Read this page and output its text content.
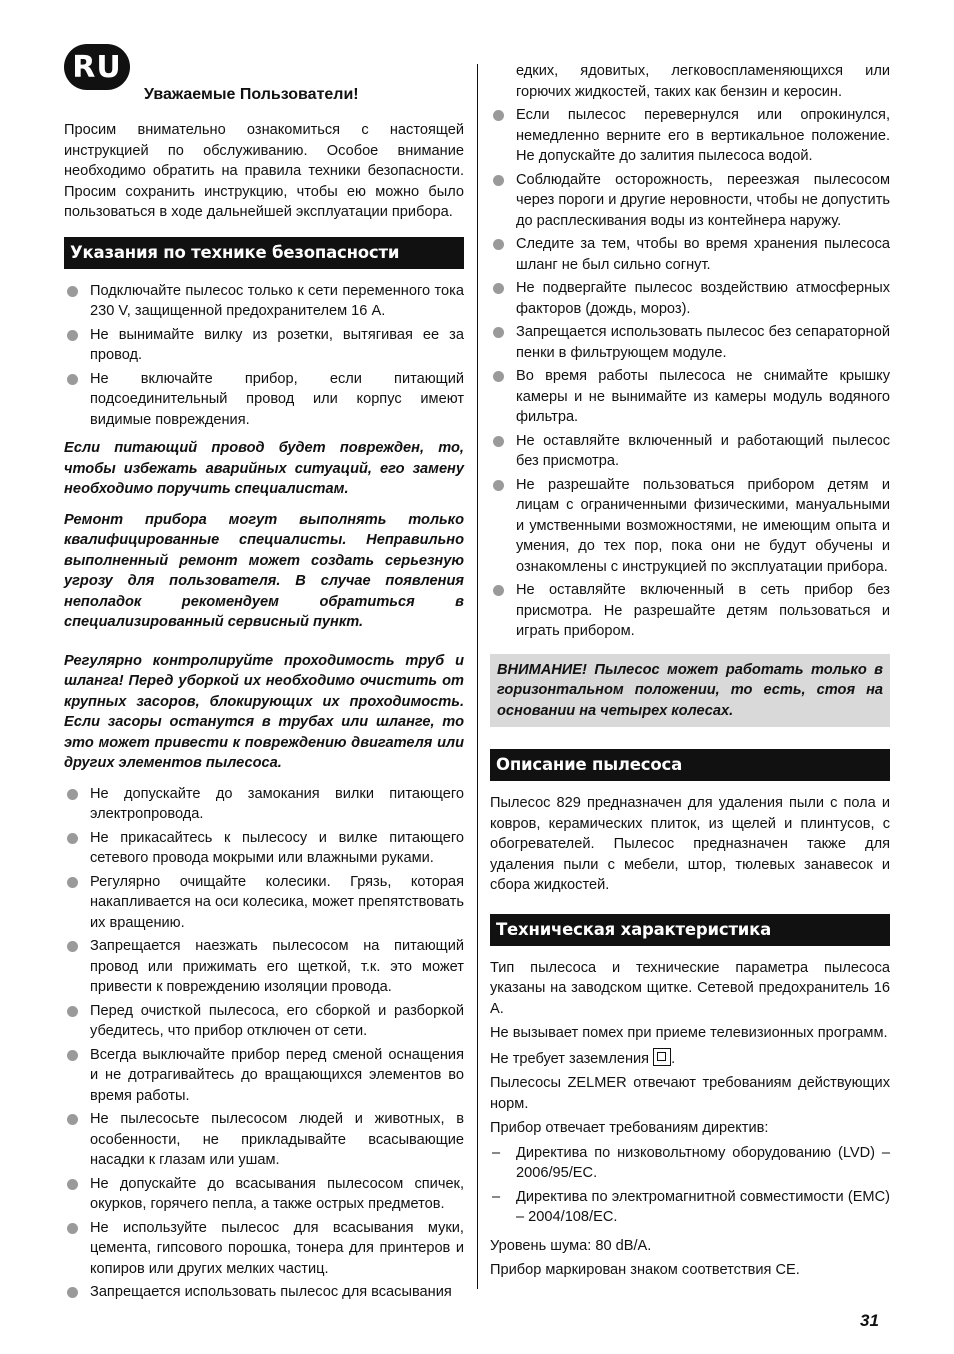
RU
Уважаемые Пользователи!

Просим внимательно ознакомиться с настоящей инструкцией по обслуживанию. Особое внимание необходимо обратить на правила техники безопасности. Просим сохранить инструкцию, чтобы ею можно было пользоваться в ходе дальнейшей эксплуатации прибора.

Указания по технике безопасности
Подключайте пылесос только к сети переменного тока 230 V, защищенной предохранителем 16 A.
Не вынимайте вилку из розетки, вытягивая ее за провод.
Не включайте прибор, если питающий подсоединительный провод или корпус имеют видимые повреждения.

Если питающий провод будет поврежден, то, чтобы избежать аварийных ситуаций, его замену необходимо поручить специалистам.

Ремонт прибора могут выполнять только квалифицированные специалисты. Неправильно выполненный ремонт может создать серьезную угрозу для пользователя. В случае появления неполадок рекомендуем обратиться в специализированный сервисный пункт.

Регулярно контролируйте проходимость труб и шланга! Перед уборкой их необходимо очистить от крупных засоров, блокирующих их проходимость. Если засоры останутся в трубах или шланге, то это может привести к повреждению двигателя или других элементов пылесоса.

Не допускайте до замокания вилки питающего электропровода.
Не прикасайтесь к пылесосу и вилке питающего сетевого провода мокрыми или влажными руками.
Регулярно очищайте колесики. Грязь, которая накапливается на оси колесика, может препятствовать их вращению.
Запрещается наезжать пылесосом на питающий провод или прижимать его щеткой, т.к. это может привести к повреждению изоляции провода.
Перед очисткой пылесоса, его сборкой и разборкой убедитесь, что прибор отключен от сети.
Всегда выключайте прибор перед сменой оснащения и не дотрагивайтесь до вращающихся элементов во время работы.
Не пылесосьте пылесосом людей и животных, в особенности, не прикладывайте всасывающие насадки к глазам или ушам.
Не допускайте до всасывания пылесосом спичек, окурков, горячего пепла, а также острых предметов.
Не используйте пылесос для всасывания муки, цемента, гипсового порошка, тонера для принтеров и копиров или других мелких частиц.
Запрещается использовать пылесос для всасывания

едких, ядовитых, легковоспламеняющихся или горючих жидкостей, таких как бензин и керосин.

Если пылесос перевернулся или опрокинулся, немедленно верните его в вертикальное положение. Не допускайте до залития пылесоса водой.
Соблюдайте осторожность, переезжая пылесосом через пороги и другие неровности, чтобы не допустить до расплескивания воды из контейнера наружу.
Следите за тем, чтобы во время хранения пылесоса шланг не был сильно согнут.
Не подвергайте пылесос воздействию атмосферных факторов (дождь, мороз).
Запрещается использовать пылесос без сепараторной пенки в фильтрующем модуле.
Во время работы пылесоса не снимайте крышку камеры и не вынимайте из камеры модуль водяного фильтра.
Не оставляйте включенный и работающий пылесос без присмотра.
Не разрешайте пользоваться прибором детям и лицам с ограниченными физическими, мануальными и умственными возможностями, не имеющим опыта и умения, до тех пор, пока они не будут обучены и ознакомлены с инструкцией по эксплуатации прибора.
Не оставляйте включенный в сеть прибор без присмотра. Не разрешайте детям пользоваться и играть прибором.
ВНИМАНИЕ! Пылесос может работать только в горизонтальном положении, то есть, стоя на основании на четырех колесах.
Описание пылесоса

Пылесос 829 предназначен для удаления пыли с пола и ковров, керамических плиток, из щелей и плинтусов, с обогревателей. Пылесос предназначен также для удаления пыли с мебели, штор, тюлевых занавесок и сбора жидкостей.

Техническая характеристика

Тип пылесоса и технические параметра пылесоса указаны на заводском щитке. Сетевой предохранитель 16 A.

Не вызывает помех при приеме телевизионных программ.

Не требует заземления .

Пылесосы ZELMER отвечают требованиям действующих норм.

Прибор отвечает требованиям директив:

– Директива по низковольтному оборудованию (LVD) – 2006/95/EC.
– Директива по электромагнитной совместимости (EMC) – 2004/108/EC.

Уровень шума: 80 dB/A.

Прибор маркирован знаком соответствия CE.

31
